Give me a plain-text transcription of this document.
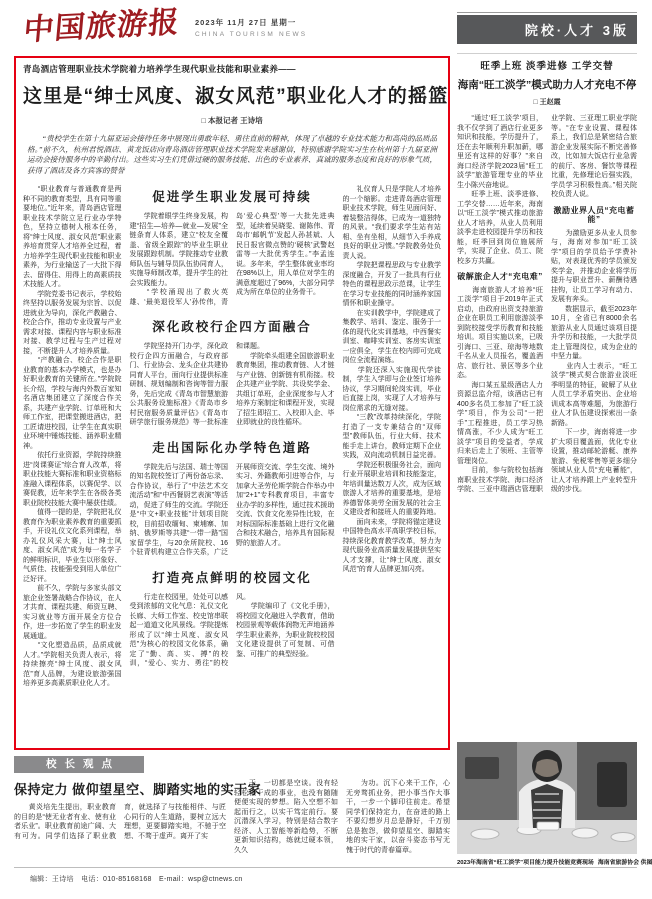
中国旅游报 2023年 11月 27日 星期一
CHINA TOURISM NEWS	院校·人才 3版
青岛酒店管理职业技术学院着力培养学生现代职业技能和职业素养——
这里是“绅士风度、淑女风范”职业化人才的摇篮
□ 本报记者 王诗培
　　“贵校学生在第十九届亚运会接待任务中展现出勇敢年轻、勇往直前的精神，体现了卓越的专业技术能力和高尚的品质品格。”前不久，杭州君悦酒店、黄龙饭店向青岛酒店管理职业技术学院发来感谢信，特别感谢学院实习生在杭州第十九届亚洲运动会接待服务中的辛勤付出。这些实习生们凭借过硬的服务技能、出色的专业素养、真诚的服务态度和良好的形象气质，获得了酒店及各方宾客的赞誉
　　“职业教育与普通教育是两种不同的教育类型，具有同等重要地位。”近年来，青岛酒店管理职业技术学院立足行业办学特色，坚持立德树人根本任务，将“绅士风度、淑女风范”职业素养培育贯穿人才培养全过程，着力培养学生现代职业技能和职业素养，为行业输送了一大批下得去、留得住、用得上的高素质技术技能人才。
　　学院党委书记表示，学校始终坚持以服务发展为宗旨、以促进就业为导向，深化产教融合、校企合作，推动专业设置与产业需求对接、课程内容与职业标准对接、教学过程与生产过程对接，不断提升人才培养质量。
　　“产教融合、校企合作是职业教育的基本办学模式，也是办好职业教育的关键所在。”学院院长介绍，学校与海内外数百家知名酒店集团建立了深度合作关系，共建产业学院、订单班和大师工作室，把课堂搬进酒店，把工匠请进校园，让学生在真实职业环境中锤炼技能、涵养职业精神。
　　依托行业资源，学院持续推进“岗课赛证”综合育人改革，将职业技能大赛标准和职业资格标准融入课程体系，以赛促学、以赛促教，近年来学生在各级各类职业院校技能大赛中屡获佳绩。
　　值得一提的是，学院把礼仪教育作为职业素养教育的重要抓手，开设礼仪文化系列课程，举办礼仪风采大赛，让“绅士风度、淑女风范”成为每一名学子的鲜明标识，毕业生以形象好、气质佳、技能强受到用人单位广泛好评。
　　前不久，学院与多家头部文旅企业签署战略合作协议，在人才共育、课程共建、师资互聘、实习就业等方面开展全方位合作，进一步拓宽了学生的职业发展通道。
　　“文化塑造品质，品质成就人才。”学院相关负责人表示，将持续擦亮“绅士风度、淑女风范”育人品牌，为建设旅游强国培养更多高素质职业化人才。
促进学生职业发展可持续
　　学院着眼学生终身发展，构建“招生—培养—就业—发展”全链条育人体系，建立“校友全覆盖、省级全跟踪”的毕业生职业发展跟踪机制。学院推动专业教师队伍与辅导员队伍协同育人，实施导师制改革，提升学生的社会实践能力。
　　“学校涌现出了救火英雄、‘最美退役军人’孙传伟，青岛‘爱心典型’等一大批先进典型，延续着吴晓雯、谢陈伟、青岛市‘邮帆节’发起人孙甚斌、人民日报官微点赞的‘硬核’武警赵雷等一大批优秀学生。”李孟连说。多年来，学生整体就业率均在98%以上，用人单位对学生的满意度超过了96%，大部分同学成为所在单位的业务骨干。
深化政校行企四方面融合
　　学院坚持开门办学，深化政校行企四方面融合，与政府部门、行业协会、龙头企业共建协同育人平台，面向行业提供标准研制、规划编制和咨询等智力服务，先后完成《青岛市智慧旅游公共服务设施标准》《青岛市乡村民宿服务质量评估》《青岛市研学旅行服务规范》等一批标准和课题。
　　学院牵头组建全国旅游职业教育集团，推动教育链、人才链与产业链、创新链有机衔接。校企共建产业学院、共设奖学金、共组订单班，企业深度参与人才培养方案制定和课程开发，实现了招生即招工、入校即入企、毕业即就业的良性循环。
走出国际化办学特色道路
　　学院先后与法国、瑞士等国的知名院校签订了两份备忘录、合作协议，举行了“中法艺术交流活动”和“中西餐厨艺表演”等活动，促进了师生的交流。学院还是“中文+职业技能”计划项目院校，目前招收缅甸、柬埔寨、加纳、俄罗斯等共建“一带一路”国家留学生，与20余所院校、16个驻青机构建立合作关系，广泛开展师资交流、学生交流、境外实习、外籍教师引进等合作，与加拿大圣劳伦斯学院合作举办中加“2+1”专科教育项目，丰富专业办学的多样性，通过技术援助交流、饮食文化差异性比较，在对标国际标准基础上进行文化融合和技术融合，培养具有国际视野的旅游人才。
打造亮点鲜明的校园文化
　　行走在校园里，处处可以感受到浓郁的文化气息：礼仪文化长廊、大师工作室、校史馆串联起一道道文化风景线。学院提炼形成了以“绅士风度、淑女风范”为核心的校园文化体系，确定了“勤、高、实、搏”的校训，“爱心、实力、勇往”的校风。
　　学院编印了《文化手册》，将校园文化融进入学教育，借助校园景观等载体润物无声地涵养学生职业素养，为职业院校校园文化建设提供了可复制、可借鉴、可推广的典型经验。
　　礼仪育人只是学院人才培养的一个缩影。走进青岛酒店管理职业技术学院，师生见面问好、着装整洁得体，已成为一道独特的风景。“我们要求学生站有站相、坐有坐相，从细节入手养成良好的职业习惯。”学院教务处负责人说。
　　学院把课程思政与专业教学深度融合，开发了一批具有行业特色的课程思政示范课，让学生在学习专业技能的同时涵养家国情怀和职业操守。
　　在实训教学中，学院建成了集教学、培训、鉴定、服务于一体的现代化实训基地，中西餐实训室、咖啡实训室、客房实训室一应俱全，学生在校内即可完成岗位全流程演练。
　　学院还深入实施现代学徒制，学生入学即与企业签订培养协议，学习期间轮岗实训，毕业后直接上岗，实现了人才培养与岗位需求的无缝对接。
　　“三教”改革持续深化，学院打造了一支专兼结合的“双师型”教师队伍，行业大师、技术能手走上讲台，教师定期下企业实践，双向流动机制日益完善。
　　学院还积极服务社会，面向行业开展职业培训和技能鉴定，年培训量达数万人次，成为区域旅游人才培养的重要基地，是培养德智体美劳全面发展的社会主义建设者和接班人的重要阵地。
　　面向未来，学院将锚定建设中国特色高水平高职学校目标，持续深化教育教学改革，努力为现代服务业高质量发展提供坚实人才支撑，让“绅士风度、淑女风范”的育人品牌更加闪亮。
旺季上班 淡季进修 工学交替
海南“旺工淡学”模式助力人才充电不停
□ 王赵霞

　　“通过‘旺工淡学’项目，我不仅学到了酒店行业更多知识和技能，学历提升了，还在去年顺利升职加薪，哪里还有这样的好事？”来自海口经济学院2023届“旺工淡学”旅游管理专业的毕业生小陈兴奋地说。
　　旺季上班、淡季进修、工学交替……近年来，海南以“旺工淡学”模式推动旅游业人才培养，从业人员利用淡季走进校园提升学历和技能，旺季回到岗位施展所学，实现了企业、员工、院校多方共赢。

破解旅企人才“充电难”

　　海南旅游人才培养“旺工淡学”项目于2019年正式启动，由政府出资支持旅游企业在职员工利用旅游淡季到院校接受学历教育和技能培训。项目实施以来，已吸引海口、三亚、琼海等地数千名从业人员报名，覆盖酒店、旅行社、景区等多个业态。
　　海口某五星级酒店人力资源总监介绍，该酒店已有400多名员工参加了“旺工淡学”项目，作为公司“一把手”工程推进，员工学习热情高涨，不少人成为“旺工淡学”项目的受益者，学成归来后走上了领班、主管等管理岗位。
　　目前，参与院校包括海南职业技术学院、海口经济学院、三亚中瑞酒店管理职业学院、三亚理工职业学院等。“在专业设置、课程体系上，我们总是紧密结合旅游企业发展实际不断完善修改，比如加大饭店行业急需的前厅、客房、餐饮等课程比重，先修理论后强实践，学员学习积极性高。”相关院校负责人说。

激励业界人员“充电蓄能”

　　为激励更多从业人员参与，海南对参加“旺工淡学”项目的学员给予学费补贴，对表现优秀的学员颁发奖学金，并推动企业将学历提升与职业晋升、薪酬待遇挂钩，让员工学习有动力、发展有奔头。
　　数据显示，截至2023年10月，全省已有8000余名旅游从业人员通过该项目提升学历和技能，一大批学员走上管理岗位，成为企业的中坚力量。
　　业内人士表示，“旺工淡学”模式契合旅游业淡旺季明显的特征，破解了从业人员工学矛盾突出、企业培训成本高等难题，为旅游行业人才队伍建设探索出一条新路。
　　下一步，海南将进一步扩大项目覆盖面，优化专业设置，推动邮轮游艇、康养旅游、免税零售等更多细分领域从业人员“充电蓄能”，让人才培养跟上产业转型升级的步伐。

2023年海南省“旺工淡学”项目能力提升技能竞赛现场 海南省旅游协会 供图
校长观点
保持定力 做仰望星空、脚踏实地的实干家
　　黄炎培先生提出，职业教育的目的是“使无业者有业、使有业者乐业”。职业教育前途广阔、大有可为。同学们选择了职业教育，就选择了与技能相伴、与匠心同行的人生道路，要树立远大理想，更要脚踏实地，不驰于空想、不骛于虚声。离开了实
　　干，一切都是空谈。没有轻轻松松干成的事业，也没有随随便便实现的梦想。陷入空想不如起而行之，以实干笃定前行。要沉潜深入学习，特别是结合数字经济、人工智能等新趋势，不断更新知识结构，练就过硬本领，久久
　　为功。沉下心来干工作，心无旁骛抓业务，把小事当作大事干，一步一个脚印往前走。希望同学们保持定力，在奋进的路上不要幻想岁月总是静好，千万别总是抱怨，做仰望星空、脚踏实地的实干家，以奋斗姿态书写无愧于时代的青春篇章。
编辑：王诗培　电话：010-85168168　E-mail：wsp@ctnews.cn
